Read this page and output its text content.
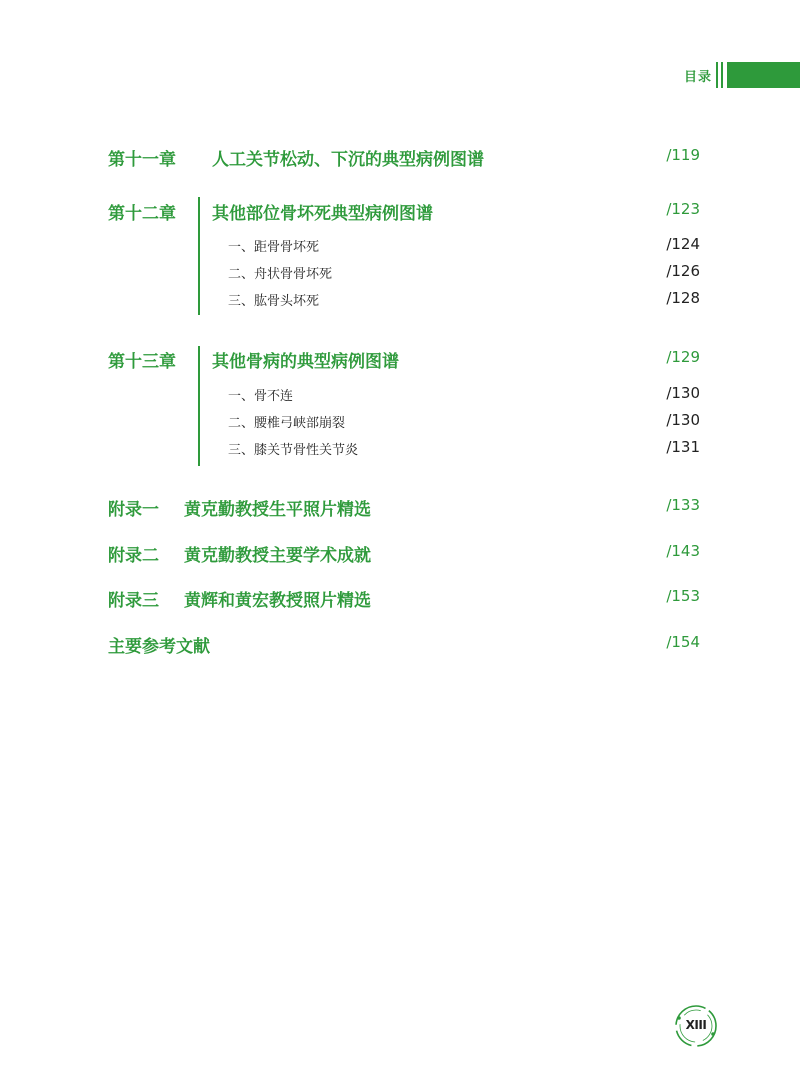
目录
第十一章 人工关节松动、下沉的典型病例图谱	/119
第十二章 其他部位骨坏死典型病例图谱	/123
一、距骨骨坏死	/124
二、舟状骨骨坏死	/126
三、肱骨头坏死	/128
第十三章 其他骨病的典型病例图谱	/129
一、骨不连	/130
二、腰椎弓峡部崩裂	/130
三、膝关节骨性关节炎	/131
附录一 黄克勤教授生平照片精选	/133
附录二 黄克勤教授主要学术成就	/143
附录三 黄辉和黄宏教授照片精选	/153
主要参考文献	/154
XIII
